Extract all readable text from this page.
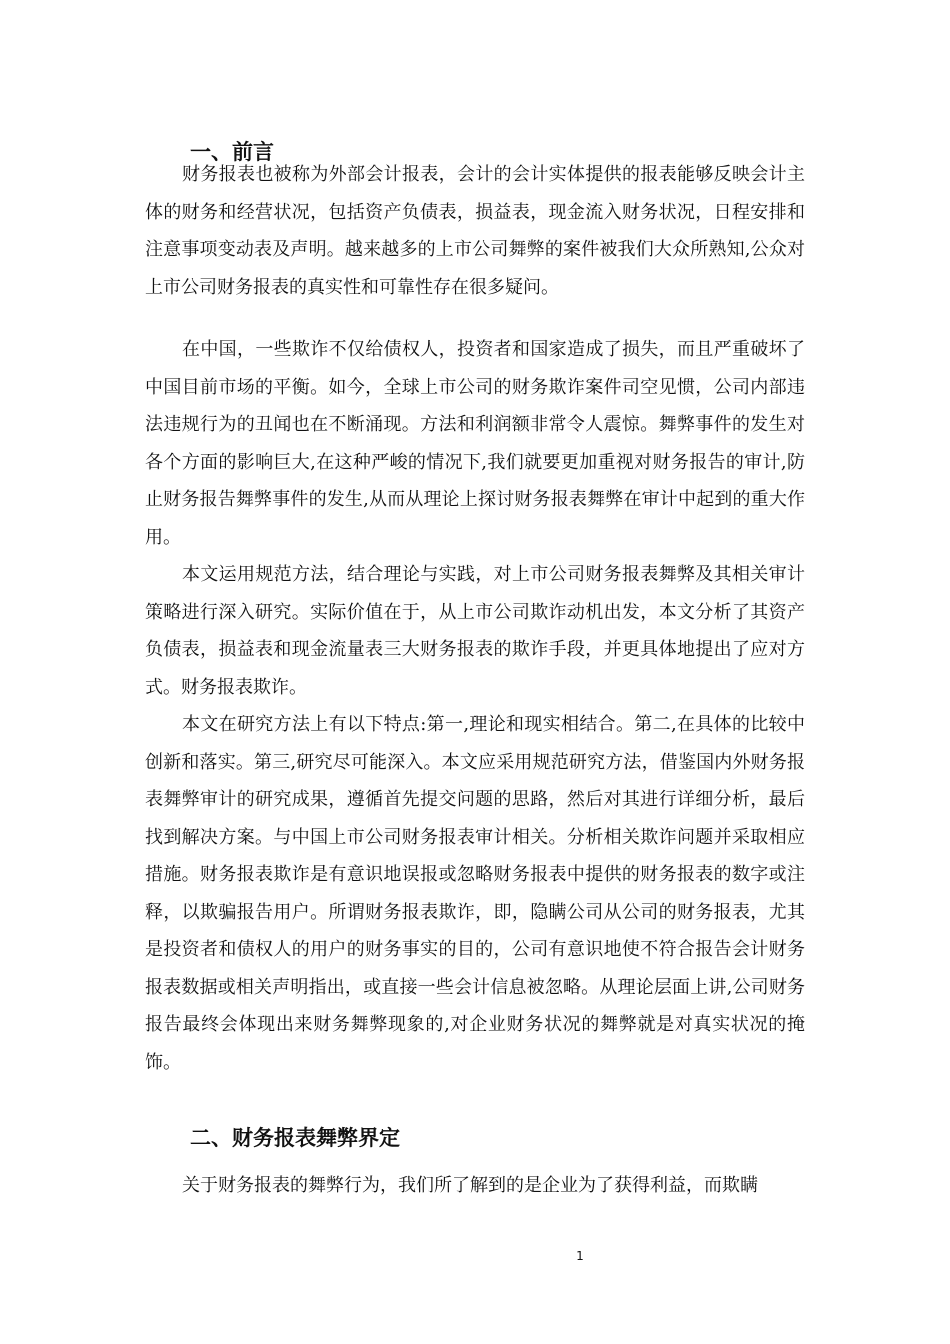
一、前言

财务报表也被称为外部会计报表，会计的会计实体提供的报表能够反映会计主体的财务和经营状况，包括资产负债表，损益表，现金流入财务状况，日程安排和注意事项变动表及声明。越来越多的上市公司舞弊的案件被我们大众所熟知,公众对上市公司财务报表的真实性和可靠性存在很多疑问。

在中国，一些欺诈不仅给债权人，投资者和国家造成了损失，而且严重破坏了中国目前市场的平衡。如今，全球上市公司的财务欺诈案件司空见惯，公司内部违法违规行为的丑闻也在不断涌现。方法和利润额非常令人震惊。舞弊事件的发生对各个方面的影响巨大,在这种严峻的情况下,我们就要更加重视对财务报告的审计,防止财务报告舞弊事件的发生,从而从理论上探讨财务报表舞弊在审计中起到的重大作用。

本文运用规范方法，结合理论与实践，对上市公司财务报表舞弊及其相关审计策略进行深入研究。实际价值在于，从上市公司欺诈动机出发，本文分析了其资产负债表，损益表和现金流量表三大财务报表的欺诈手段，并更具体地提出了应对方式。财务报表欺诈。

本文在研究方法上有以下特点:第一,理论和现实相结合。第二,在具体的比较中创新和落实。第三,研究尽可能深入。本文应采用规范研究方法，借鉴国内外财务报表舞弊审计的研究成果，遵循首先提交问题的思路，然后对其进行详细分析，最后找到解决方案。与中国上市公司财务报表审计相关。分析相关欺诈问题并采取相应措施。财务报表欺诈是有意识地误报或忽略财务报表中提供的财务报表的数字或注释，以欺骗报告用户。所谓财务报表欺诈，即，隐瞒公司从公司的财务报表，尤其是投资者和债权人的用户的财务事实的目的，公司有意识地使不符合报告会计财务报表数据或相关声明指出，或直接一些会计信息被忽略。从理论层面上讲,公司财务报告最终会体现出来财务舞弊现象的,对企业财务状况的舞弊就是对真实状况的掩饰。

二、财务报表舞弊界定

关于财务报表的舞弊行为，我们所了解到的是企业为了获得利益，而欺瞒

1
